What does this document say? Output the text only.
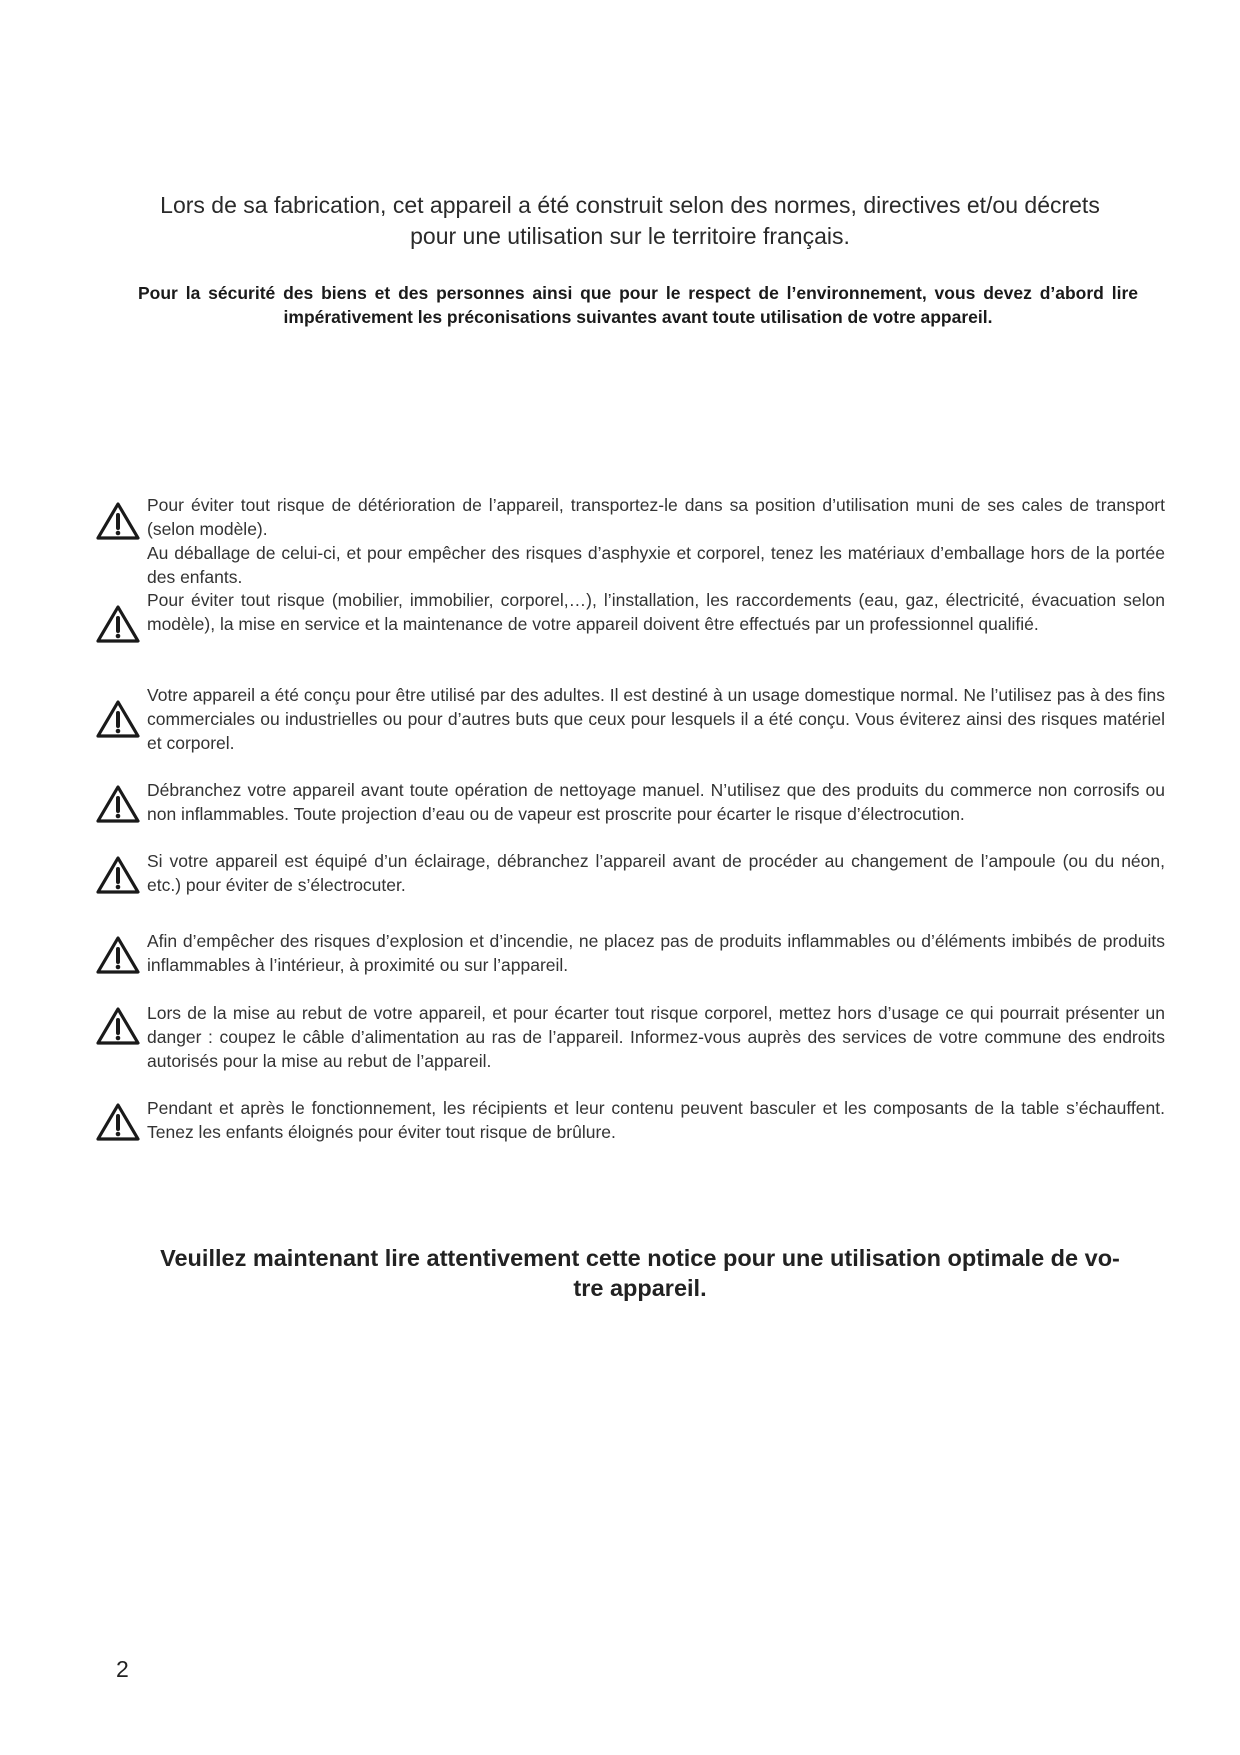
Lors de sa fabrication, cet appareil a été construit selon des normes, directives et/ou décrets
pour une utilisation sur le territoire français.
Pour la sécurité des biens et des personnes ainsi que pour le respect de l’environnement, vous devez d’abord lire impérativement les préconisations suivantes avant toute utilisation de votre appareil.

Pour éviter tout risque de détérioration de l’appareil, transportez-le dans sa position d’utilisation muni de ses cales de transport (selon modèle).

Au déballage de celui-ci, et pour empêcher des risques d’asphyxie et corporel, tenez les matériaux d’emballage hors de la portée des enfants.

Pour éviter tout risque (mobilier, immobilier, corporel,…), l’installation, les raccordements (eau, gaz, électricité, évacuation selon modèle), la mise en service et la maintenance de votre appareil doivent être effectués par un professionnel qualifié.

Votre appareil a été conçu pour être utilisé par des adultes. Il est destiné à un usage domestique normal. Ne l’utilisez pas à des fins commerciales ou industrielles ou pour d’autres buts que ceux pour lesquels il a été conçu. Vous éviterez ainsi des risques matériel et corporel.

Débranchez votre appareil avant toute opération de nettoyage manuel. N’utilisez que des produits du commerce non corrosifs ou non inflammables. Toute projection d’eau ou de vapeur est proscrite pour écarter le risque d’électrocution.

Si votre appareil est équipé d’un éclairage, débranchez l’appareil avant de procéder au changement de l’ampoule (ou du néon, etc.) pour éviter de s’électrocuter.

Afin d’empêcher des risques d’explosion et d’incendie, ne placez pas de produits inflammables ou d’éléments imbibés de produits inflammables à l’intérieur, à proximité ou sur l’appareil.

Lors de la mise au rebut de votre appareil, et pour écarter tout risque corporel, mettez hors d’usage ce qui pourrait présenter un danger : coupez le câble d’alimentation au ras de l’appareil. Informez-vous auprès des services de votre commune des endroits autorisés pour la mise au rebut de l’appareil.

Pendant et après le fonctionnement, les récipients et leur contenu peuvent basculer et les composants de la table s’échauffent. Tenez les enfants éloignés pour éviter tout risque de brûlure.

Veuillez maintenant lire attentivement cette notice pour une utilisation optimale de vo-
tre appareil.
2
